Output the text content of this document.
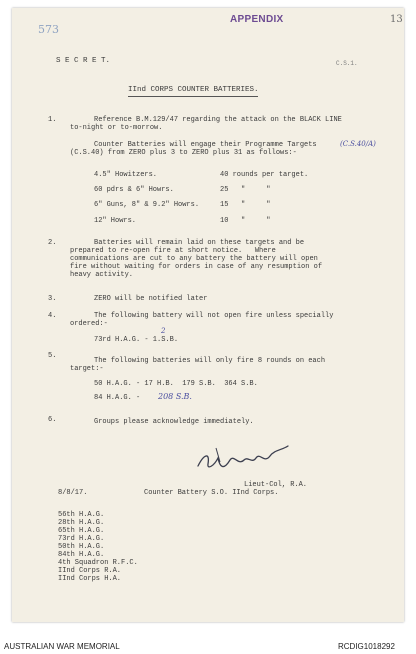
573
APPENDIX	13
S E C R E T.	C.S.1.
IInd CORPS COUNTER BATTERIES.
1.	Reference B.M.129/47 regarding the attack on the BLACK LINE
to-night or to-morrow.
Counter Batteries will engage their Programme Targets	(C.S.40/A)
(C.S.40) from ZERO plus 3 to ZERO plus 31 as follows:-
4.5" Howitzers.	40 rounds per target.
60 pdrs & 6" Howrs.	25   "     "
6" Guns, 8" & 9.2" Howrs.	15   "     "
12" Howrs.	10   "     "
2.	Batteries will remain laid on these targets and be
prepared to re-open fire at short notice.   Where
communications are cut to any battery the battery will open
fire without waiting for orders in case of any resumption of
heavy activity.
3.	ZERO will be notified later
4.	The following battery will not open fire unless specially
ordered:-
2
73rd H.A.G. - 1.S.B.
5.
The following batteries will only fire 8 rounds on each
target:-
50 H.A.G. - 17 H.B.  179 S.B.  364 S.B.
84 H.A.G. - 208 S.B.
6.	Groups please acknowledge immediately.
Lieut-Col, R.A.
8/8/17.	Counter Battery S.O. IInd Corps.
56th H.A.G.
28th H.A.G.
65th H.A.G.
73rd H.A.G.
50th H.A.G.
84th H.A.G.
4th Squadron R.F.C.
IInd Corps R.A.
IInd Corps H.A.
AUSTRALIAN WAR MEMORIAL	RCDIG1018292
